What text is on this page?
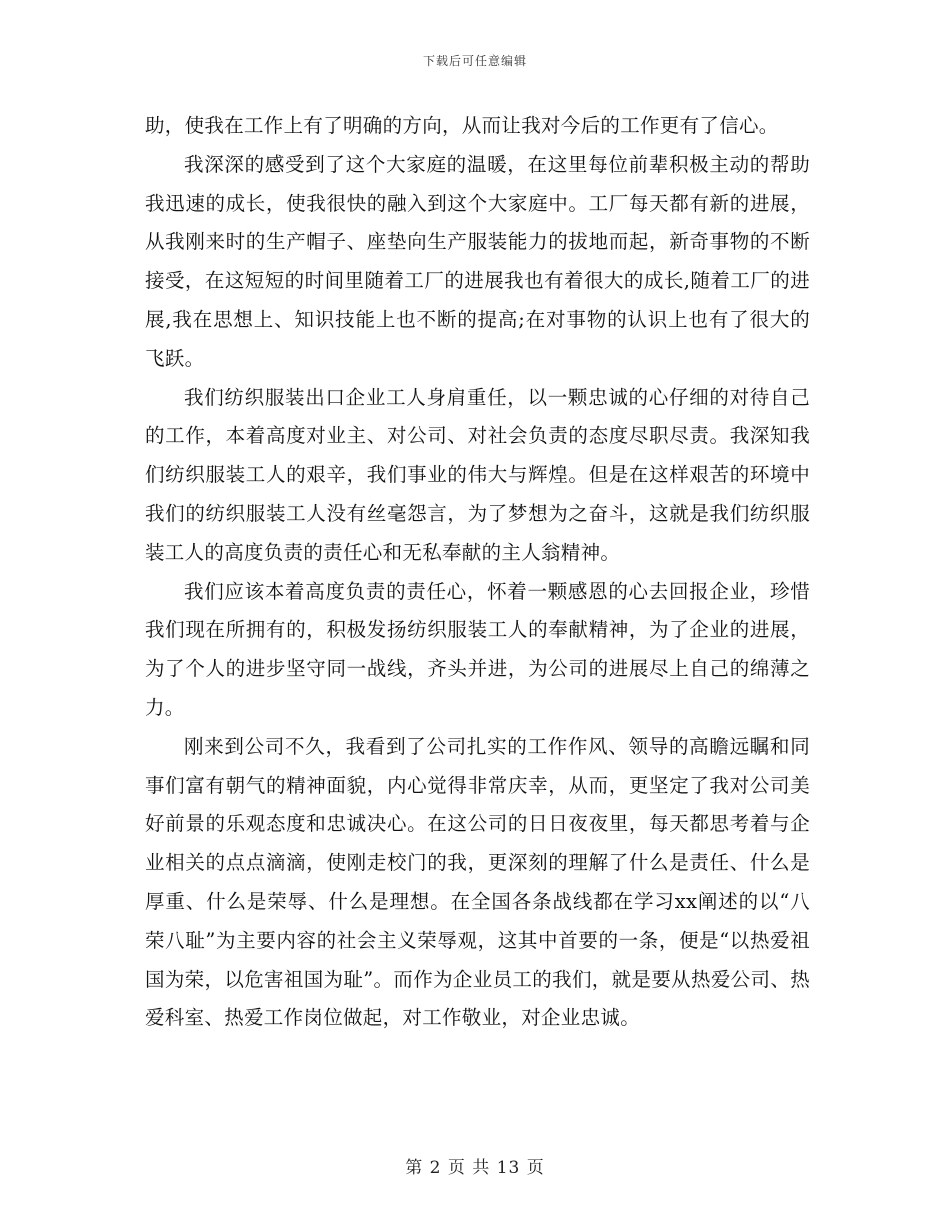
下载后可任意编辑

助，使我在工作上有了明确的方向，从而让我对今后的工作更有了信心。

我深深的感受到了这个大家庭的温暖，在这里每位前辈积极主动的帮助我迅速的成长，使我很快的融入到这个大家庭中。工厂每天都有新的进展，从我刚来时的生产帽子、座垫向生产服装能力的拔地而起，新奇事物的不断接受，在这短短的时间里随着工厂的进展我也有着很大的成长,随着工厂的进展,我在思想上、知识技能上也不断的提高;在对事物的认识上也有了很大的飞跃。

我们纺织服装出口企业工人身肩重任，以一颗忠诚的心仔细的对待自己的工作，本着高度对业主、对公司、对社会负责的态度尽职尽责。我深知我们纺织服装工人的艰辛，我们事业的伟大与辉煌。但是在这样艰苦的环境中我们的纺织服装工人没有丝毫怨言，为了梦想为之奋斗，这就是我们纺织服装工人的高度负责的责任心和无私奉献的主人翁精神。

我们应该本着高度负责的责任心，怀着一颗感恩的心去回报企业，珍惜我们现在所拥有的，积极发扬纺织服装工人的奉献精神，为了企业的进展，为了个人的进步坚守同一战线，齐头并进，为公司的进展尽上自己的绵薄之力。

刚来到公司不久，我看到了公司扎实的工作作风、领导的高瞻远瞩和同事们富有朝气的精神面貌，内心觉得非常庆幸，从而，更坚定了我对公司美好前景的乐观态度和忠诚决心。在这公司的日日夜夜里，每天都思考着与企业相关的点点滴滴，使刚走校门的我，更深刻的理解了什么是责任、什么是厚重、什么是荣辱、什么是理想。在全国各条战线都在学习xx阐述的以“八荣八耻”为主要内容的社会主义荣辱观，这其中首要的一条，便是“以热爱祖国为荣，以危害祖国为耻”。而作为企业员工的我们，就是要从热爱公司、热爱科室、热爱工作岗位做起，对工作敬业，对企业忠诚。

第 2 页 共 13 页
